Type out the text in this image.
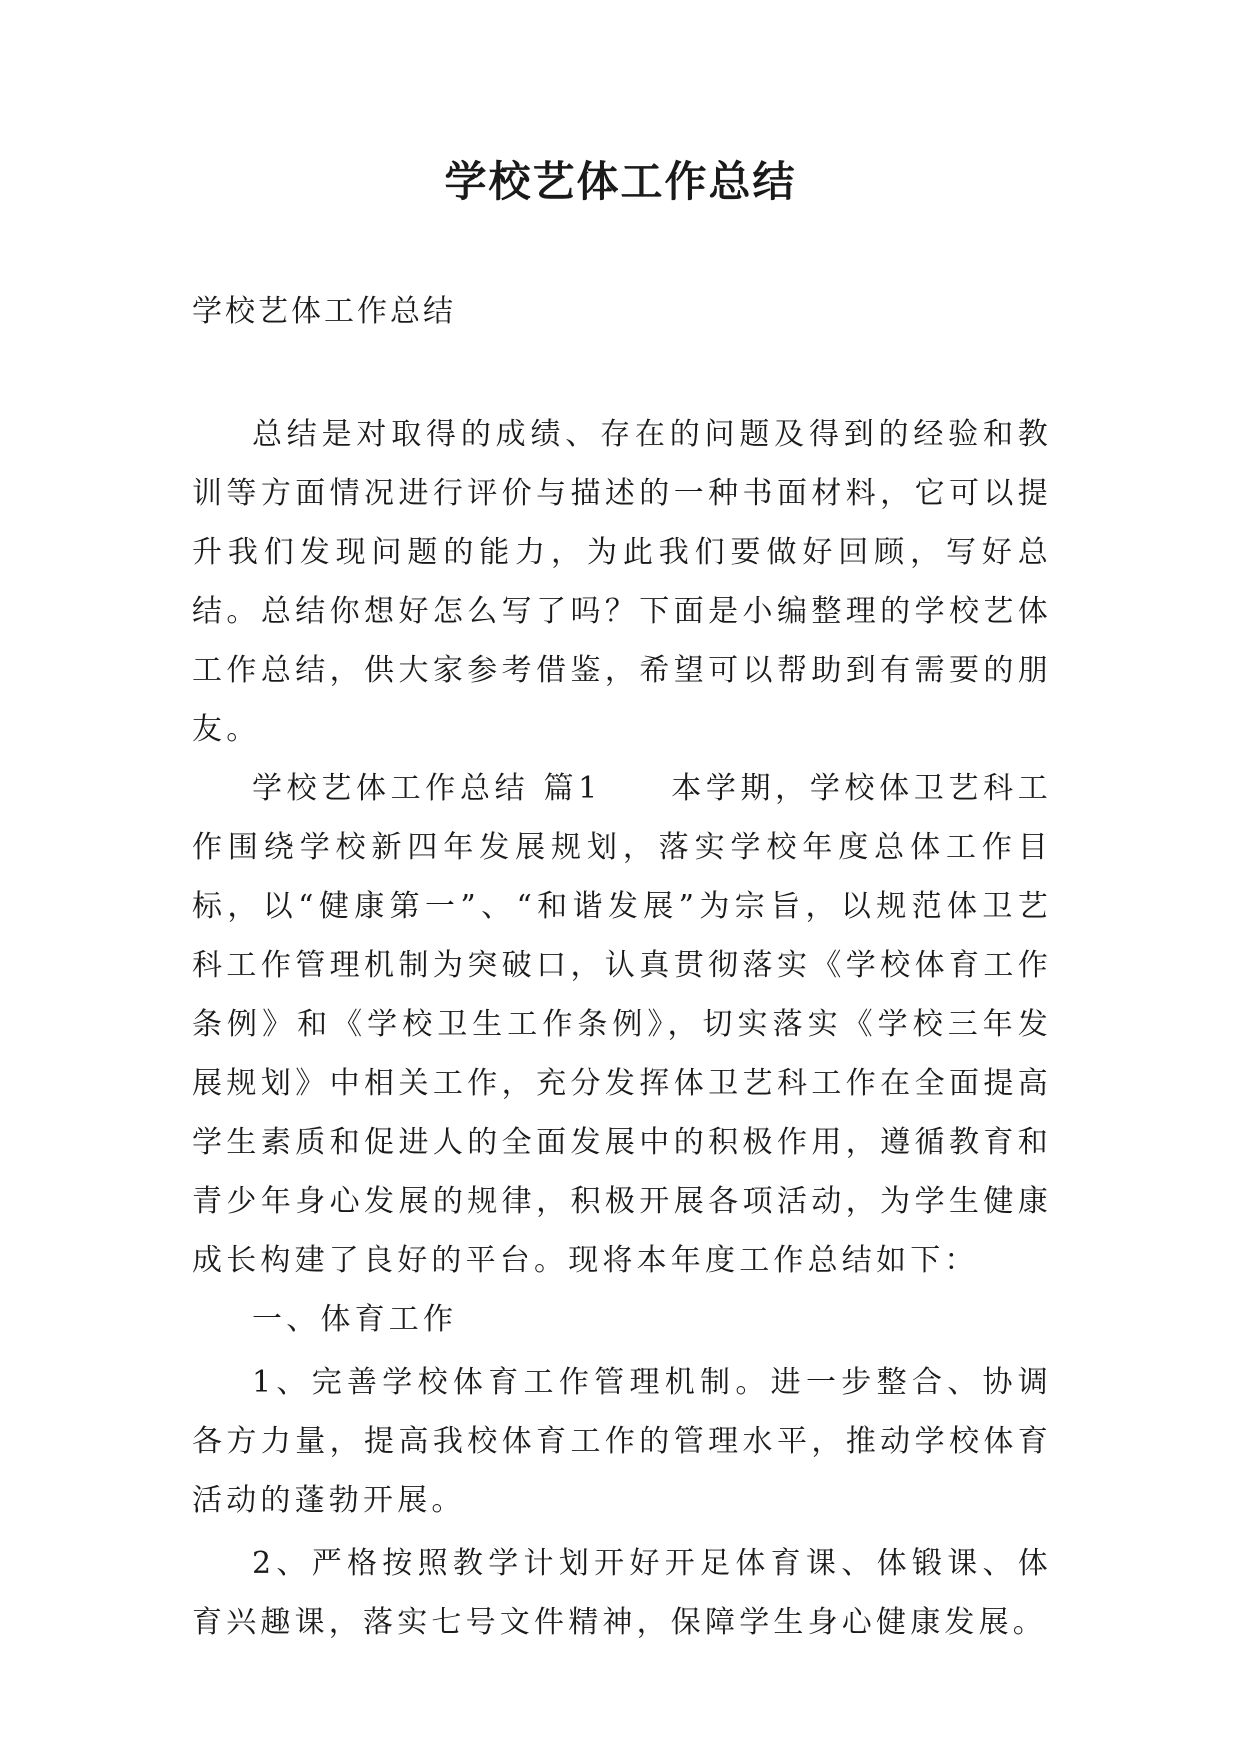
学校艺体工作总结

学校艺体工作总结

总结是对取得的成绩、存在的问题及得到的经验和教训等方面情况进行评价与描述的一种书面材料，它可以提升我们发现问题的能力，为此我们要做好回顾，写好总结。总结你想好怎么写了吗？下面是小编整理的学校艺体工作总结，供大家参考借鉴，希望可以帮助到有需要的朋友。

学校艺体工作总结 篇1　　本学期，学校体卫艺科工作围绕学校新四年发展规划，落实学校年度总体工作目标，以“健康第一”、“和谐发展”为宗旨，以规范体卫艺科工作管理机制为突破口，认真贯彻落实《学校体育工作条例》和《学校卫生工作条例》，切实落实《学校三年发展规划》中相关工作，充分发挥体卫艺科工作在全面提高学生素质和促进人的全面发展中的积极作用，遵循教育和青少年身心发展的规律，积极开展各项活动，为学生健康成长构建了良好的平台。现将本年度工作总结如下：

一、体育工作

1、完善学校体育工作管理机制。进一步整合、协调各方力量，提高我校体育工作的管理水平，推动学校体育活动的蓬勃开展。

2、严格按照教学计划开好开足体育课、体锻课、体育兴趣课，落实七号文件精神，保障学生身心健康发展。
